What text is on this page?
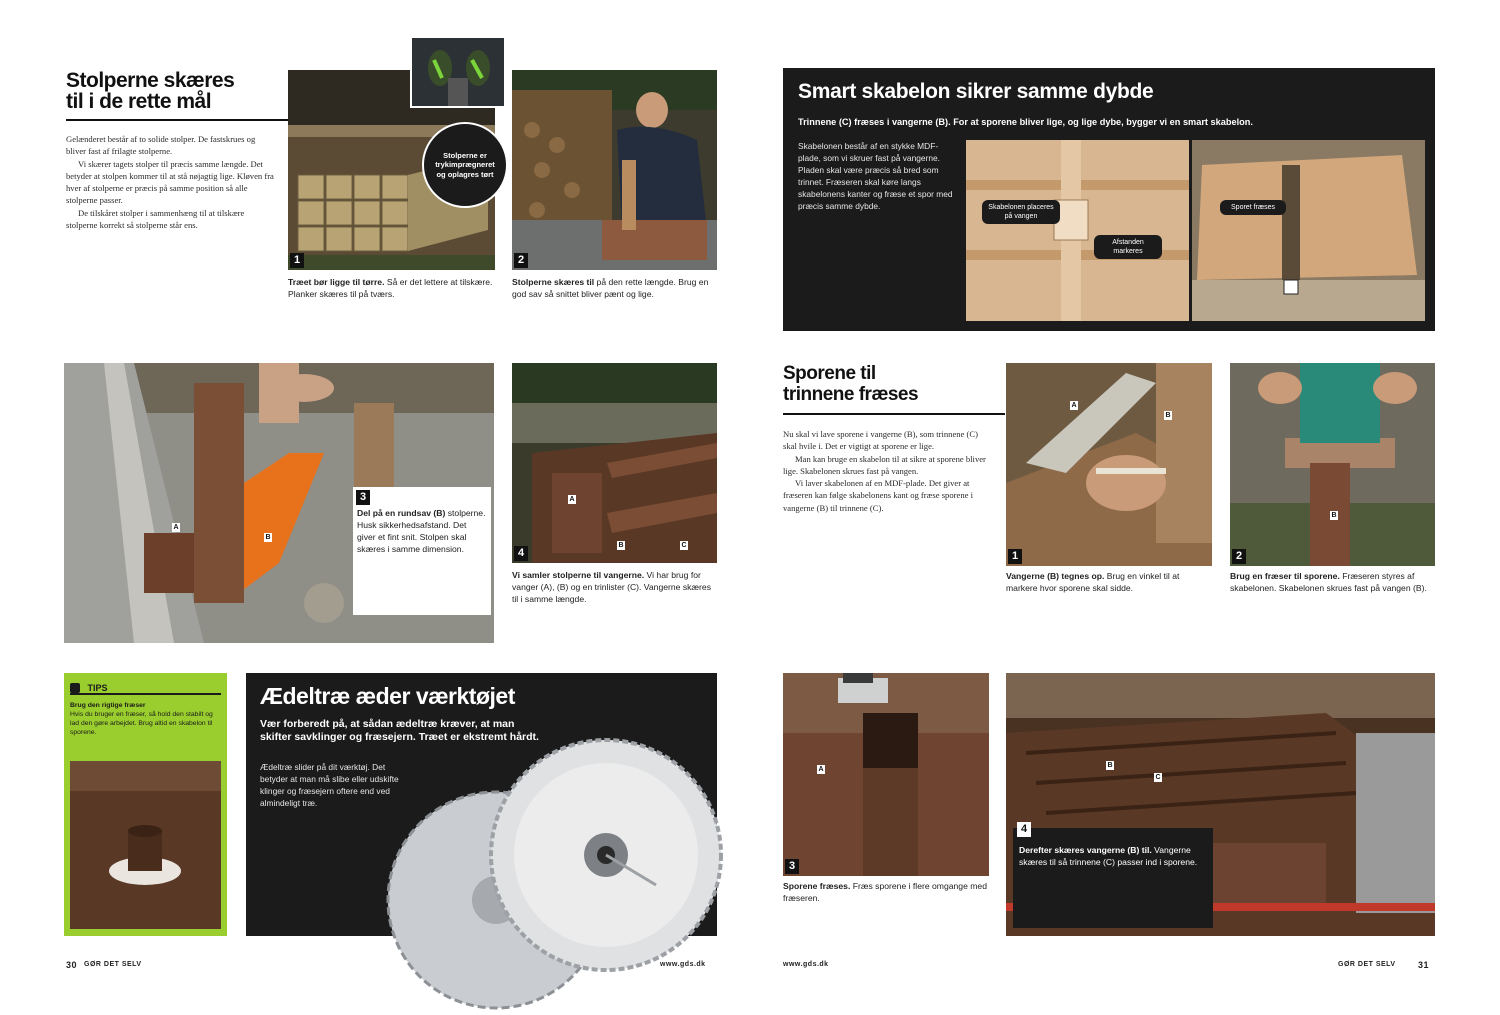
Stolperne skæres
til i de rette mål

Gelænderet består af to solide stolper. De fastskrues og bliver fast af frilagte stolperne.

Vi skærer tagets stolper til præcis samme længde. Det betyder at stolpen kommer til at stå nøjagtig lige. Kløven fra hver af stolperne er præcis på samme position så alle stolperne passer.

De tilskåret stolper i sammenhæng til at tilskære stolperne korrekt så stolperne står ens.

1
Stolperne er trykimprægneret og oplagres tørt
Træet bør ligge til tørre. Så er det lettere at tilskære. Planker skæres til på tværs.
2
Stolperne skæres til på den rette længde. Brug en god sav så snittet bliver pænt og lige.
A
B
3
Del på en rundsav (B) stolperne. Husk sikkerhedsafstand. Det giver et fint snit. Stolpen skal skæres i samme dimension.
A
B	C
4
Vi samler stolperne til vangerne. Vi har brug for vanger (A), (B) og en trinlister (C). Vangerne skæres til i samme længde.
TIPS
Brug den rigtige fræser
Hvis du bruger en fræser, så hold den stabilt og lad den gøre arbejdet. Brug altid en skabelon til sporene.
Ædeltræ æder værktøjet
Vær forberedt på, at sådan ædeltræ kræver, at man skifter savklinger og fræsejern. Træet er ekstremt hårdt.
Ædeltræ slider på dit værktøj. Det betyder at man må slibe eller udskifte klinger og fræsejern oftere end ved almindeligt træ.
30 GØR DET SELV	www.gds.dk
Smart skabelon sikrer samme dybde
Trinnene (C) fræses i vangerne (B). For at sporene bliver lige, og lige dybe, bygger vi en smart skabelon.
Skabelonen består af en stykke MDF-plade, som vi skruer fast på vangerne. Pladen skal være præcis så bred som trinnet. Fræseren skal køre langs skabelonens kanter og fræse et spor med præcis samme dybde.	Skabelonen placeres på vangen
Afstanden markeres
Sporet fræses
Sporene til
trinnene fræses

Nu skal vi lave sporene i vangerne (B), som trinnene (C) skal hvile i. Det er vigtigt at sporene er lige.

Man kan bruge en skabelon til at sikre at sporene bliver lige. Skabelonen skrues fast på vangen.

Vi laver skabelonen af en MDF-plade. Det giver at fræseren kan følge skabelonens kant og fræse sporene i vangerne (B) til trinnene (C).

A
B
1
Vangerne (B) tegnes op. Brug en vinkel til at markere hvor sporene skal sidde.
B
2
Brug en fræser til sporene. Fræseren styres af skabelonen. Skabelonen skrues fast på vangen (B).
A
3
Sporene fræses. Fræs sporene i flere omgange med fræseren.
B
C
4
Derefter skæres vangerne (B) til. Vangerne skæres til så trinnene (C) passer ind i sporene.
www.gds.dk	GØR DET SELV 31
